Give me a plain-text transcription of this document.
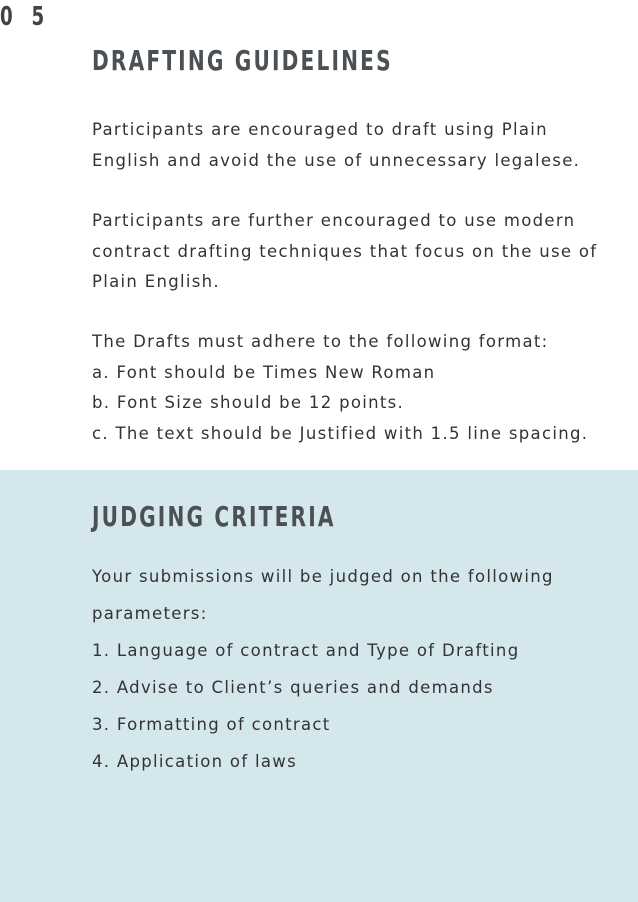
0 5
DRAFTING GUIDELINES
Participants are encouraged to draft using Plain
English and avoid the use of unnecessary legalese.
Participants are further encouraged to use modern
contract drafting techniques that focus on the use of
Plain English.
The Drafts must adhere to the following format:
a. Font should be Times New Roman
b. Font Size should be 12 points.
c. The text should be Justified with 1.5 line spacing.
JUDGING CRITERIA
Your submissions will be judged on the following
parameters:
1. Language of contract and Type of Drafting
2. Advise to Client’s queries and demands
3. Formatting of contract
4. Application of laws
